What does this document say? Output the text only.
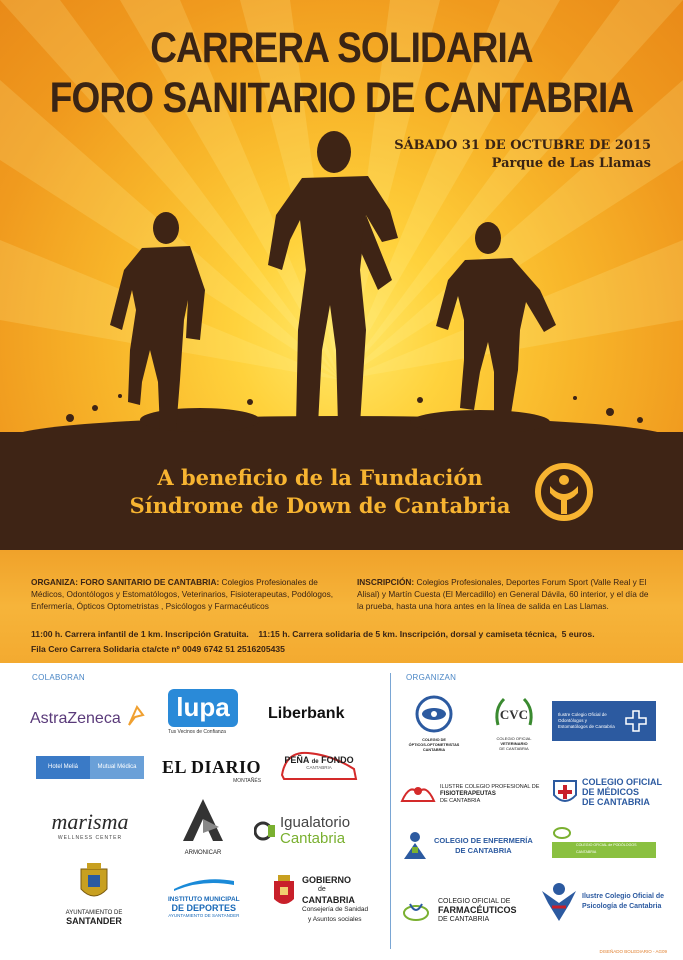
CARRERA SOLIDARIA
FORO SANITARIO DE CANTABRIA
SÁBADO 31 DE OCTUBRE DE 2015
Parque de Las Llamas
A beneficio de la Fundación
Síndrome de Down de Cantabria

ORGANIZA: FORO SANITARIO DE CANTABRIA: Colegios Profesionales de Médicos, Odontólogos y Estomatólogos, Veterinarios, Fisioterapeutas, Podólogos, Enfermería, Ópticos Optometristas , Psicólogos y Farmacéuticos

INSCRIPCIÓN: Colegios Profesionales, Deportes Forum Sport (Valle Real y El Alisal) y Martín Cuesta (El Mercadillo) en General Dávila, 60 interior, y el día de la prueba, hasta una hora antes en la línea de salida en Las Llamas.

11:00 h. Carrera infantil de 1 km. Inscripción Gratuita.    11:15 h. Carrera solidaria de 5 km. Inscripción, dorsal y camiseta técnica,  5 euros.

Fila Cero Carrera Solidaria cta/cte nº 0049 6742 51 2516205435

COLABORAN	ORGANIZAN
AstraZeneca
Hotel Meliá	Mutual Médica
marisma
WELLNESS CENTER
AYUNTAMIENTO DE
SANTANDER
lupa
Tus Vecinos de Confianza
EL DIARIO
MONTAÑÉS
ARMONICAR
INSTITUTO MUNICIPAL
DE DEPORTES
AYUNTAMIENTO DE SANTANDER
Liberbank
PEÑA de FONDO
CANTABRIA
Igualatorio
Cantabria
GOBIERNO
de
CANTABRIA
Consejería de Sanidad
y Asuntos sociales
COLEGIO DE
ÓPTICOS-OPTOMETRISTAS
CANTABRIA
ILUSTRE COLEGIO PROFESIONAL DE
FISIOTERAPEUTAS
DE CANTABRIA
COLEGIO DE ENFERMERÍA
DE CANTABRIA
COLEGIO OFICIAL DE
FARMACÉUTICOS
DE CANTABRIA
CVC
COLEGIO OFICIAL
VETERINARIO
DE CANTABRIA
Ilustre Colegio Oficial de
Odontólogos y
Estomatólogos de Cantabria
COLEGIO OFICIAL
DE MÉDICOS
DE CANTABRIA
COLEGIO OFICIAL de PODÓLOGOS
CANTABRIA
Ilustre Colegio Oficial de
Psicología de Cantabria
DISEÑADO BOLEDIARIO - AG09
